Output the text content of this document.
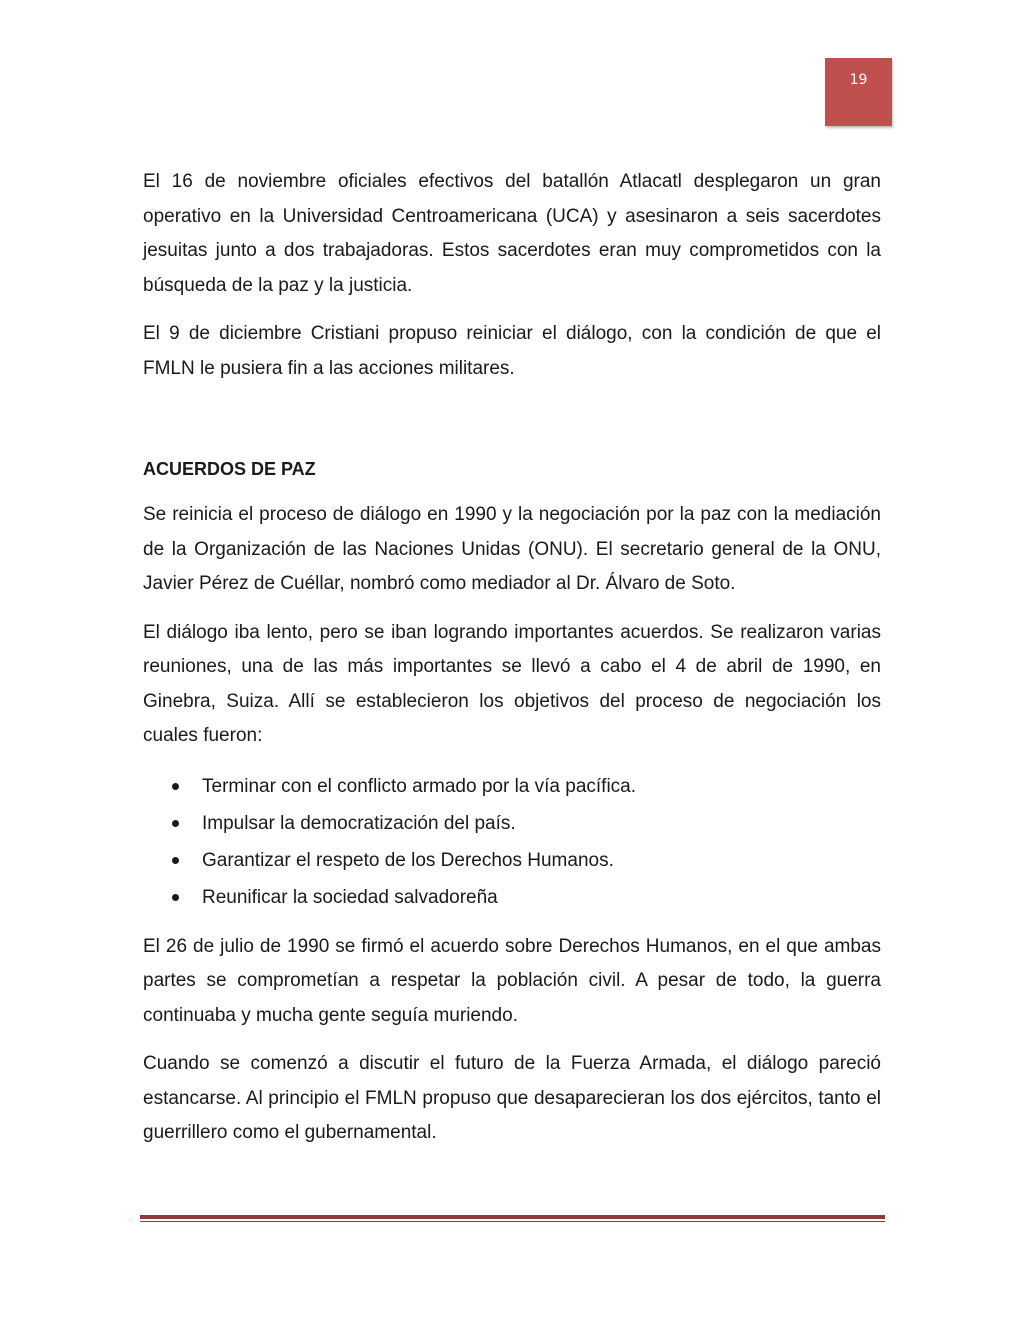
19

El 16 de noviembre oficiales efectivos del batallón Atlacatl desplegaron un gran operativo en la Universidad Centroamericana (UCA) y asesinaron a seis sacerdotes jesuitas junto a dos trabajadoras. Estos sacerdotes eran muy comprometidos con la búsqueda de la paz y la justicia.

El 9 de diciembre Cristiani propuso reiniciar el diálogo, con la condición de que el FMLN le pusiera fin a las acciones militares.

ACUERDOS DE PAZ

Se reinicia el proceso de diálogo en 1990 y la negociación por la paz con la mediación de la Organización de las Naciones Unidas (ONU). El secretario general de la ONU, Javier Pérez de Cuéllar, nombró como mediador al Dr. Álvaro de Soto.

El diálogo iba lento, pero se iban logrando importantes acuerdos. Se realizaron varias reuniones, una de las más importantes se llevó a cabo el 4 de abril de 1990, en Ginebra, Suiza. Allí se establecieron los objetivos del proceso de negociación los cuales fueron:

Terminar con el conflicto armado por la vía pacífica.
Impulsar la democratización del país.
Garantizar el respeto de los Derechos Humanos.
Reunificar la sociedad salvadoreña

El 26 de julio de 1990 se firmó el acuerdo sobre Derechos Humanos, en el que ambas partes se comprometían a respetar la población civil. A pesar de todo, la guerra continuaba y mucha gente seguía muriendo.

Cuando se comenzó a discutir el futuro de la Fuerza Armada, el diálogo pareció estancarse. Al principio el FMLN propuso que desaparecieran los dos ejércitos, tanto el guerrillero como el gubernamental.
